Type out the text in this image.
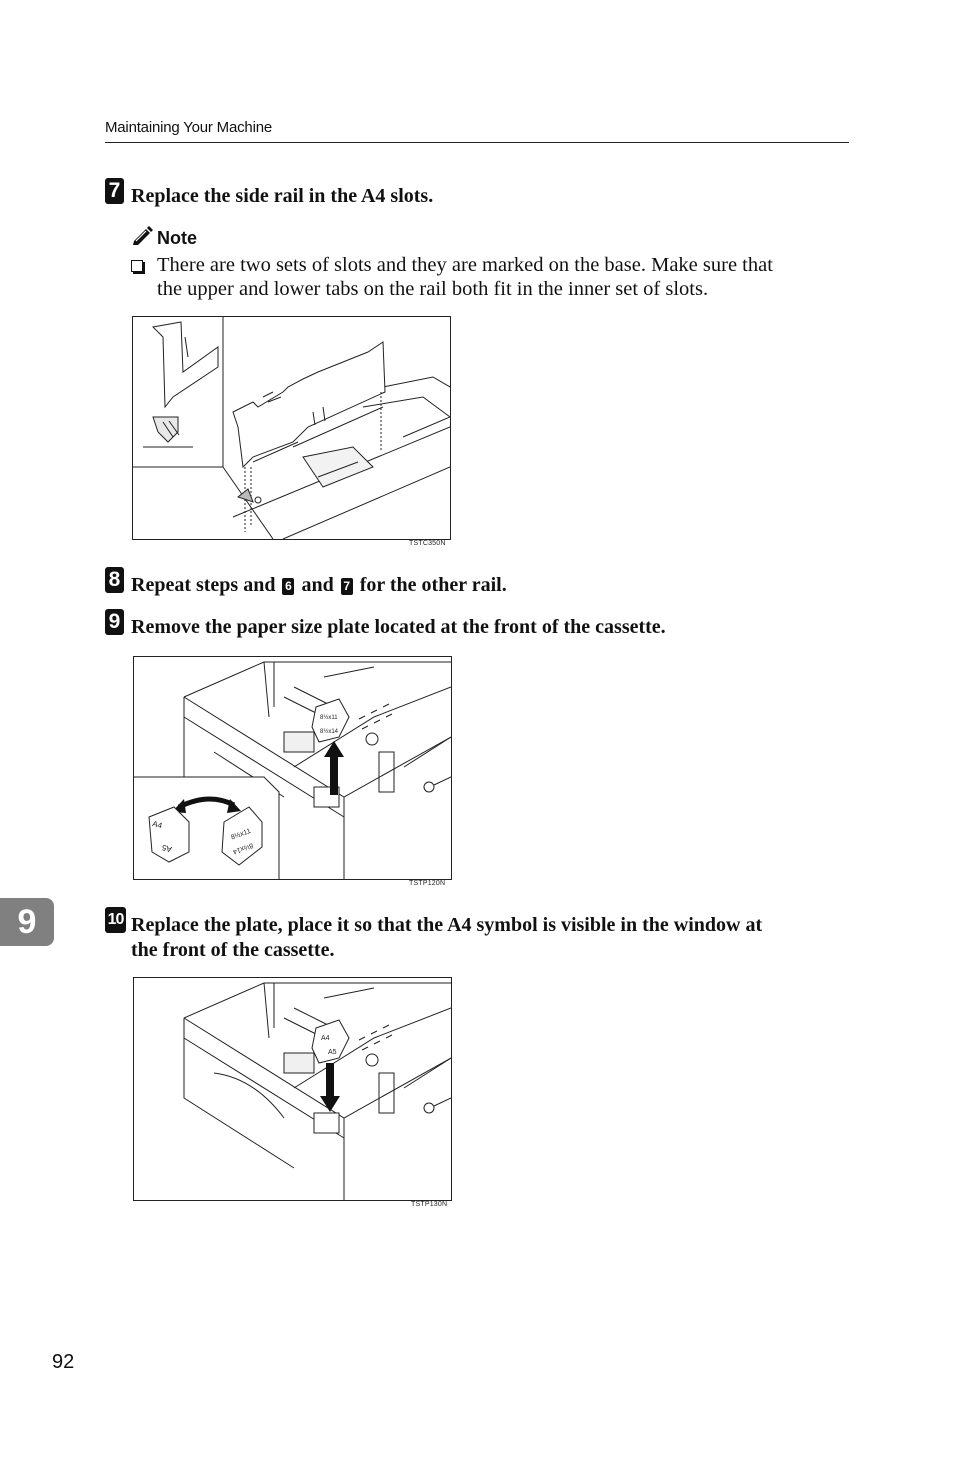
Maintaining Your Machine
7 Replace the side rail in the A4 slots.
Note
There are two sets of slots and they are marked on the base. Make sure that
the upper and lower tabs on the rail both fit in the inner set of slots.
TSTC350N
8 Repeat steps and 6 and 7 for the other rail.
9 Remove the paper size plate located at the front of the cassette.
8½x11
8½x14
A4
A5
8½x11
8½x14
TSTP120N
10 Replace the plate, place it so that the A4 symbol is visible in the window at
the front of the cassette.
A4
A5
TSTP130N
9
92
